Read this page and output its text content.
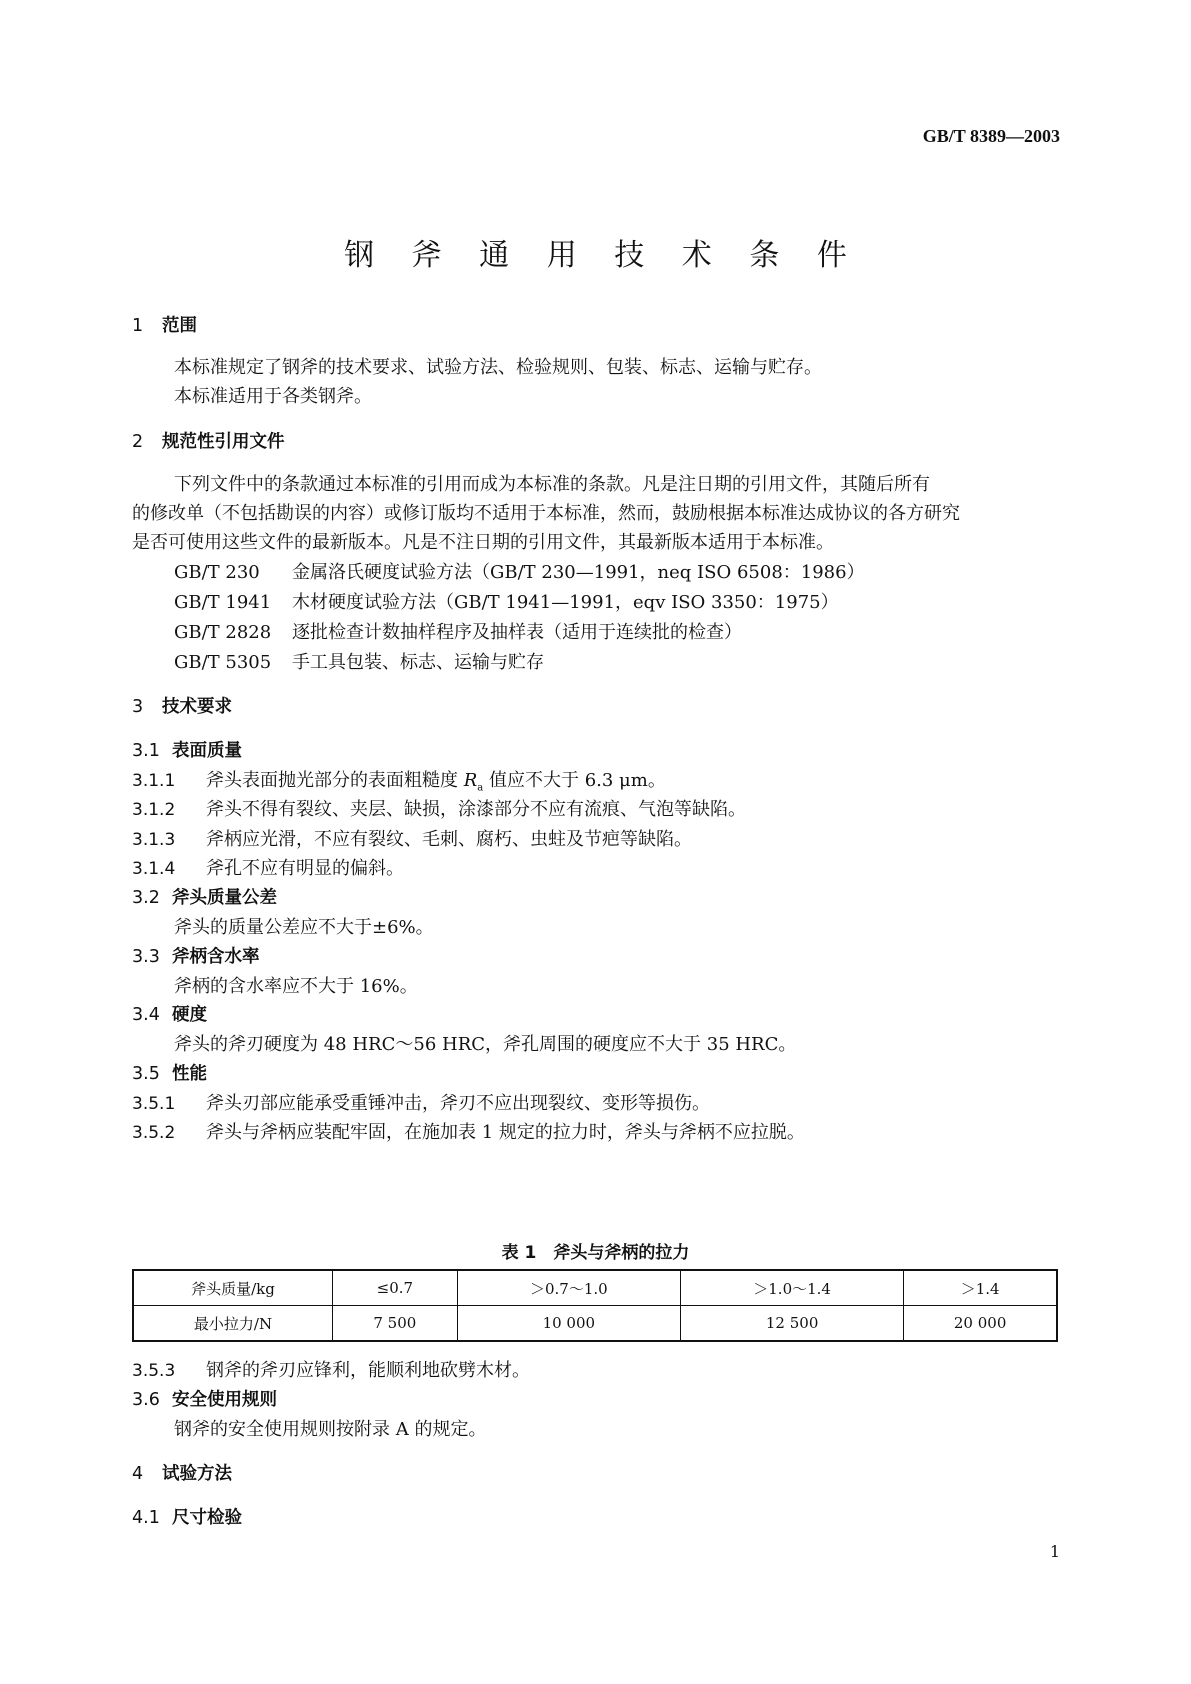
GB/T 8389—2003
钢 斧 通 用 技 术 条 件
1 范围
本标准规定了钢斧的技术要求、试验方法、检验规则、包装、标志、运输与贮存。
本标准适用于各类钢斧。
2 规范性引用文件
下列文件中的条款通过本标准的引用而成为本标准的条款。凡是注日期的引用文件，其随后所有
的修改单（不包括勘误的内容）或修订版均不适用于本标准，然而，鼓励根据本标准达成协议的各方研究
是否可使用这些文件的最新版本。凡是不注日期的引用文件，其最新版本适用于本标准。
GB/T 230 金属洛氏硬度试验方法（GB/T 230—1991，neq ISO 6508：1986）
GB/T 1941 木材硬度试验方法（GB/T 1941—1991，eqv ISO 3350：1975）
GB/T 2828 逐批检查计数抽样程序及抽样表（适用于连续批的检查）
GB/T 5305 手工具包装、标志、运输与贮存
3 技术要求
3.1 表面质量
3.1.1 斧头表面抛光部分的表面粗糙度 $R_a$ 值应不大于 6.3 μm。
3.1.2 斧头不得有裂纹、夹层、缺损，涂漆部分不应有流痕、气泡等缺陷。
3.1.3 斧柄应光滑，不应有裂纹、毛刺、腐朽、虫蛀及节疤等缺陷。
3.1.4 斧孔不应有明显的偏斜。
3.2 斧头质量公差
斧头的质量公差应不大于±6%。
3.3 斧柄含水率
斧柄的含水率应不大于 16%。
3.4 硬度
斧头的斧刃硬度为 48 HRC～56 HRC，斧孔周围的硬度应不大于 35 HRC。
3.5 性能
3.5.1 斧头刃部应能承受重锤冲击，斧刃不应出现裂纹、变形等损伤。
3.5.2 斧头与斧柄应装配牢固，在施加表 1 规定的拉力时，斧头与斧柄不应拉脱。
表 1　斧头与斧柄的拉力
斧头质量/kg	≤0.7	＞0.7～1.0	＞1.0～1.4	＞1.4
最小拉力/N	7 500	10 000	12 500	20 000
3.5.3 钢斧的斧刃应锋利，能顺利地砍劈木材。
3.6 安全使用规则
钢斧的安全使用规则按附录 A 的规定。
4 试验方法
4.1 尺寸检验
1
